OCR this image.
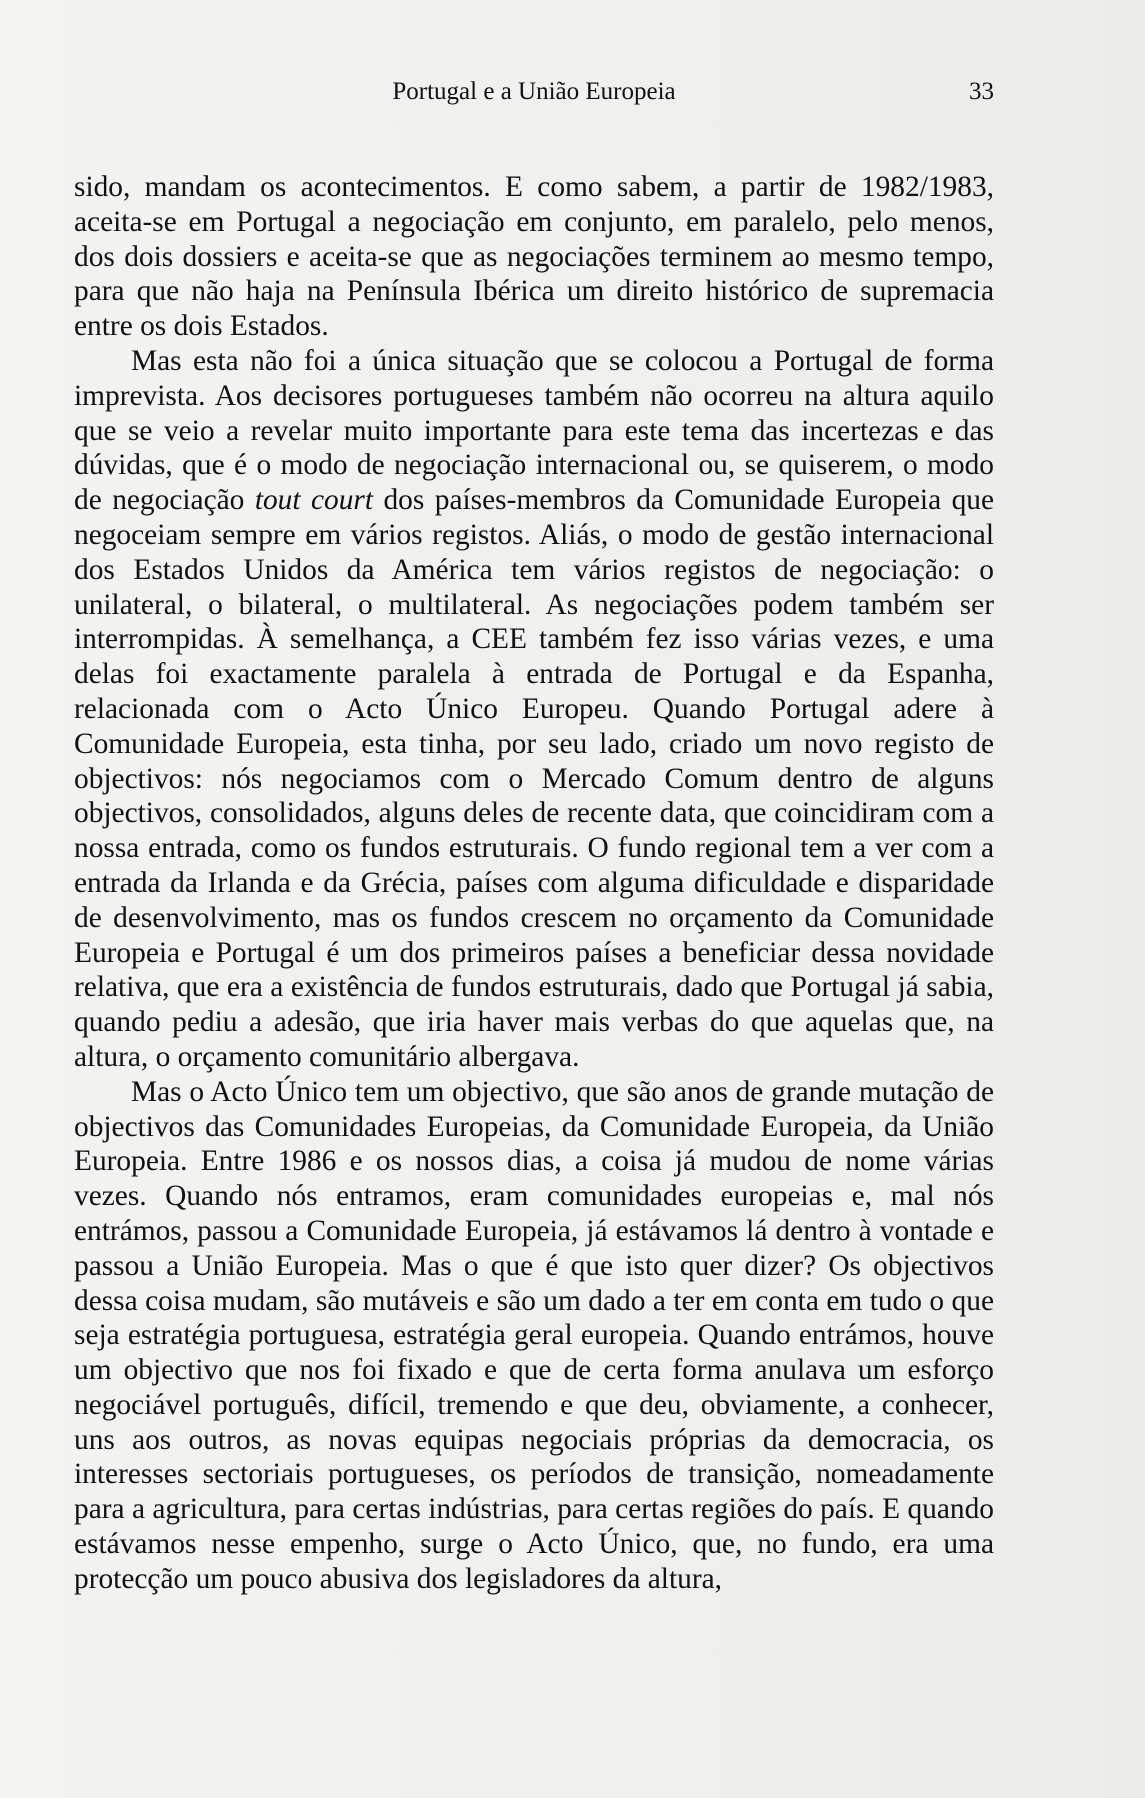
Portugal e a União Europeia	33

sido, mandam os acontecimentos. E como sabem, a partir de 1982/1983, aceita-se em Portugal a negociação em conjunto, em paralelo, pelo menos, dos dois dossiers e aceita-se que as negociações terminem ao mesmo tempo, para que não haja na Península Ibérica um direito histórico de supremacia entre os dois Estados.

Mas esta não foi a única situação que se colocou a Portugal de forma imprevista. Aos decisores portugueses também não ocorreu na altura aquilo que se veio a revelar muito importante para este tema das incertezas e das dúvidas, que é o modo de negociação internacional ou, se quiserem, o modo de negociação tout court dos países-membros da Comunidade Europeia que negoceiam sempre em vários registos. Aliás, o modo de gestão internacional dos Estados Unidos da América tem vários registos de negociação: o unilateral, o bilateral, o multilateral. As negociações podem também ser interrompidas. À semelhança, a CEE também fez isso várias vezes, e uma delas foi exactamente paralela à entrada de Portugal e da Espanha, relacionada com o Acto Único Europeu. Quando Portugal adere à Comunidade Europeia, esta tinha, por seu lado, criado um novo registo de objectivos: nós negociamos com o Mercado Comum dentro de alguns objectivos, consolidados, alguns deles de recente data, que coincidiram com a nossa entrada, como os fundos estruturais. O fundo regional tem a ver com a entrada da Irlanda e da Grécia, países com alguma dificuldade e disparidade de desenvolvimento, mas os fundos crescem no orçamento da Comunidade Europeia e Portugal é um dos primeiros países a beneficiar dessa novidade relativa, que era a existência de fundos estruturais, dado que Portugal já sabia, quando pediu a adesão, que iria haver mais verbas do que aquelas que, na altura, o orçamento comunitário albergava.

Mas o Acto Único tem um objectivo, que são anos de grande mutação de objectivos das Comunidades Europeias, da Comunidade Europeia, da União Europeia. Entre 1986 e os nossos dias, a coisa já mudou de nome várias vezes. Quando nós entramos, eram comunidades europeias e, mal nós entrámos, passou a Comunidade Europeia, já estávamos lá dentro à vontade e passou a União Europeia. Mas o que é que isto quer dizer? Os objectivos dessa coisa mudam, são mutáveis e são um dado a ter em conta em tudo o que seja estratégia portuguesa, estratégia geral europeia. Quando entrámos, houve um objectivo que nos foi fixado e que de certa forma anulava um esforço negociável português, difícil, tremendo e que deu, obviamente, a conhecer, uns aos outros, as novas equipas negociais próprias da democracia, os interesses sectoriais portugueses, os períodos de transição, nomeadamente para a agricultura, para certas indústrias, para certas regiões do país. E quando estávamos nesse empenho, surge o Acto Único, que, no fundo, era uma protecção um pouco abusiva dos legisladores da altura,
